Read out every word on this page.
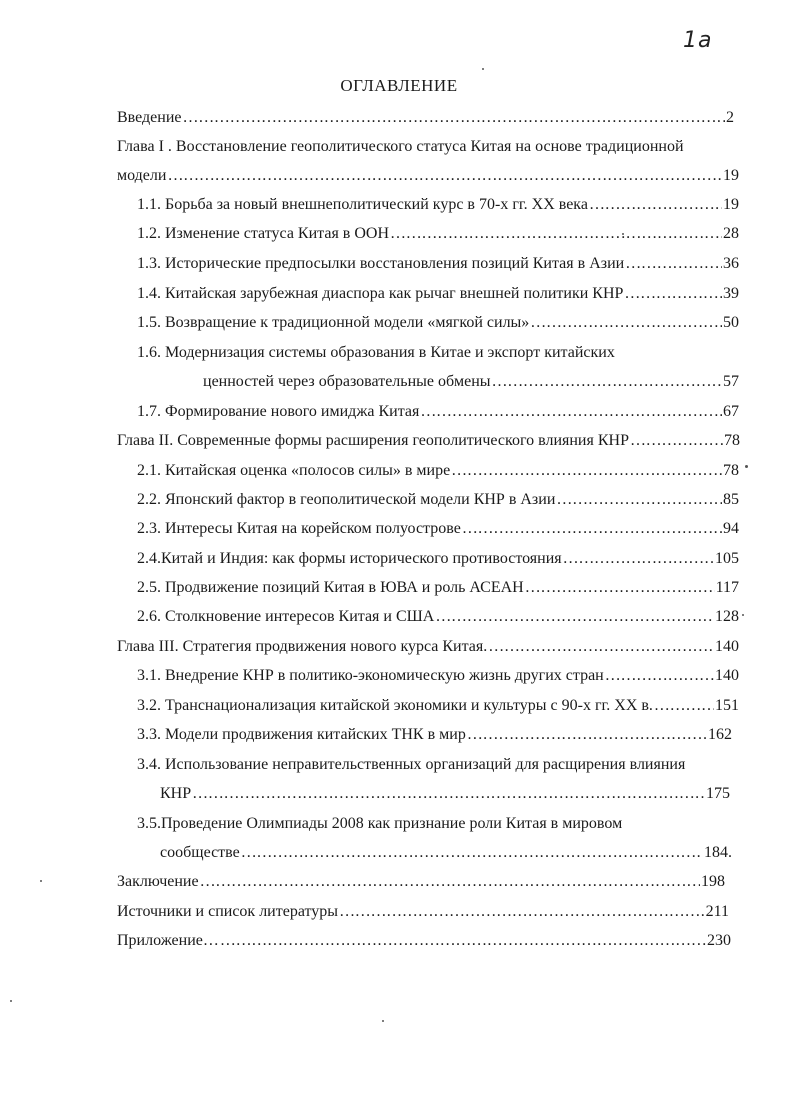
1a
ОГЛАВЛЕНИЕ
Введение ………………………………………………………………………………………………………………………………………………………………………………………………………………	2
Глава I . Восстановление геополитического статуса Китая на основе традиционной
модели ………………………………………………………………………………………………………………………………………………………………………………………………………………	19
1.1. Борьба за новый внешнеполитический курс в 70-х гг. ХХ века ………………………………………………………………………………………………………………………………………………………………………………………………………………	19
1.2. Изменение статуса Китая в ООН ………………………………………………………………………………………………………………………………………………………………………………………………………………	28
1.3. Исторические предпосылки восстановления позиций Китая в Азии ………………………………………………………………………………………………………………………………………………………………………………………………………………	36
1.4. Китайская зарубежная диаспора как рычаг внешней политики КНР ………………………………………………………………………………………………………………………………………………………………………………………………………………	39
1.5. Возвращение к традиционной модели «мягкой силы» ………………………………………………………………………………………………………………………………………………………………………………………………………………	50
1.6. Модернизация системы образования в Китае и экспорт китайских
ценностей через образовательные обмены ………………………………………………………………………………………………………………………………………………………………………………………………………………	57
1.7. Формирование нового имиджа Китая ………………………………………………………………………………………………………………………………………………………………………………………………………………	67
Глава II. Современные формы расширения геополитического влияния КНР ………………………………………………………………………………………………………………………………………………………………………………………………………………	78
2.1. Китайская оценка «полосов силы» в мире ………………………………………………………………………………………………………………………………………………………………………………………………………………	78
2.2. Японский фактор в геополитической модели КНР в Азии ………………………………………………………………………………………………………………………………………………………………………………………………………………	85
2.3. Интересы Китая на корейском полуострове ………………………………………………………………………………………………………………………………………………………………………………………………………………	94
2.4.Китай и Индия: как формы исторического противостояния ………………………………………………………………………………………………………………………………………………………………………………………………………………	105
2.5. Продвижение позиций Китая в ЮВА и роль АСЕАН ………………………………………………………………………………………………………………………………………………………………………………………………………………	117
2.6. Столкновение интересов Китая и США ………………………………………………………………………………………………………………………………………………………………………………………………………………	128
Глава III. Стратегия продвижения нового курса Китая. ………………………………………………………………………………………………………………………………………………………………………………………………………………	140
3.1. Внедрение КНР в политико-экономическую жизнь других стран ………………………………………………………………………………………………………………………………………………………………………………………………………………	140
3.2. Транснационализация китайской экономики и культуры с 90-х гг. ХХ в. ………………………………………………………………………………………………………………………………………………………………………………………………………………	151
3.3. Модели продвижения китайских ТНК в мир ………………………………………………………………………………………………………………………………………………………………………………………………………………	162
3.4. Использование неправительственных организаций для расщирения влияния
КНР ………………………………………………………………………………………………………………………………………………………………………………………………………………	175
3.5.Проведение Олимпиады 2008 как признание роли Китая в мировом
сообществе ………………………………………………………………………………………………………………………………………………………………………………………………………………	184.
Заключение ………………………………………………………………………………………………………………………………………………………………………………………………………………	198
Источники и список литературы ………………………………………………………………………………………………………………………………………………………………………………………………………………	211
Приложение… ………………………………………………………………………………………………………………………………………………………………………………………………………………	230
